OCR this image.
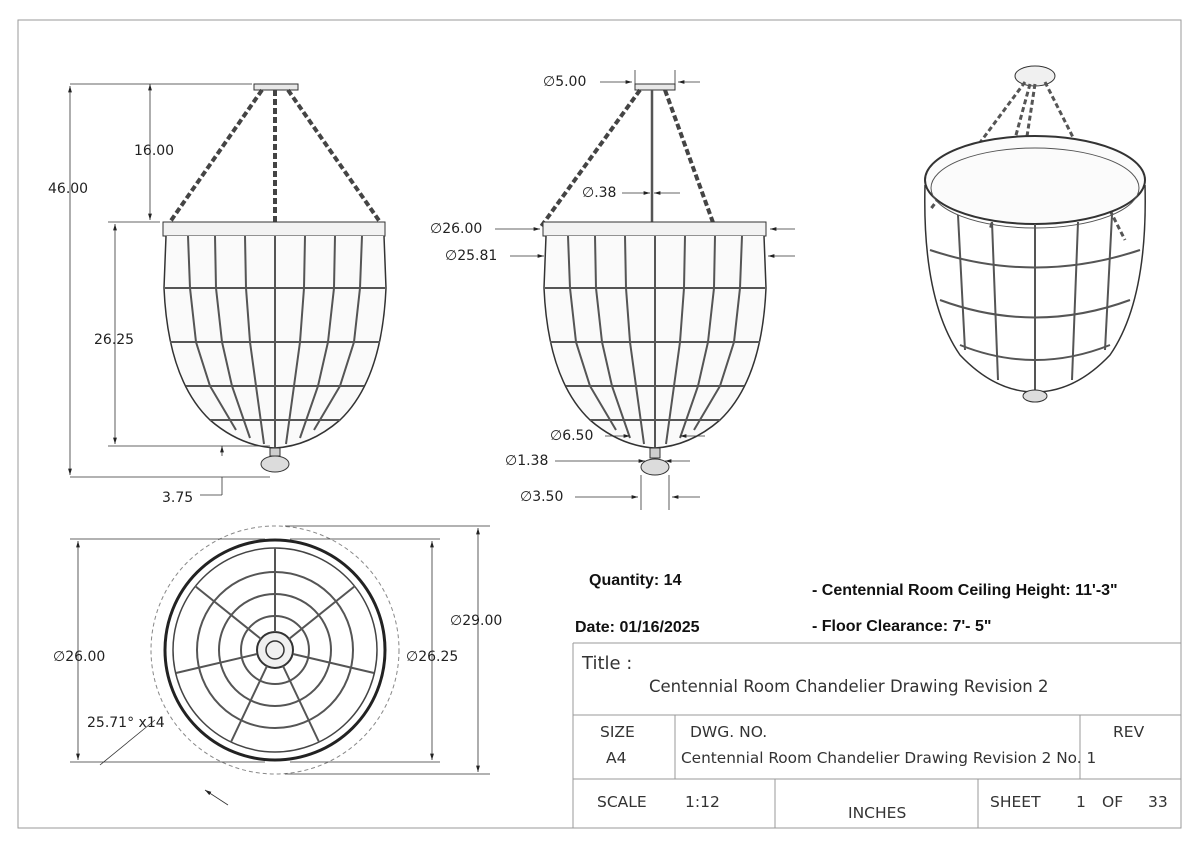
46.00
16.00
26.25
3.75
∅5.00
∅.38
∅26.00
∅25.81
∅6.50
∅1.38
∅3.50
∅26.00
∅29.00
∅26.25
25.71° x14
Quantity: 14
Date: 01/16/2025
- Centennial Room Ceiling Height: 11'-3"
- Floor Clearance: 7'- 5"
Title :
Centennial Room Chandelier Drawing Revision 2
SIZE
A4
DWG. NO.
Centennial Room Chandelier Drawing Revision 2 No. 1
REV
SCALE 1:12
INCHES
SHEET 1 OF 33
